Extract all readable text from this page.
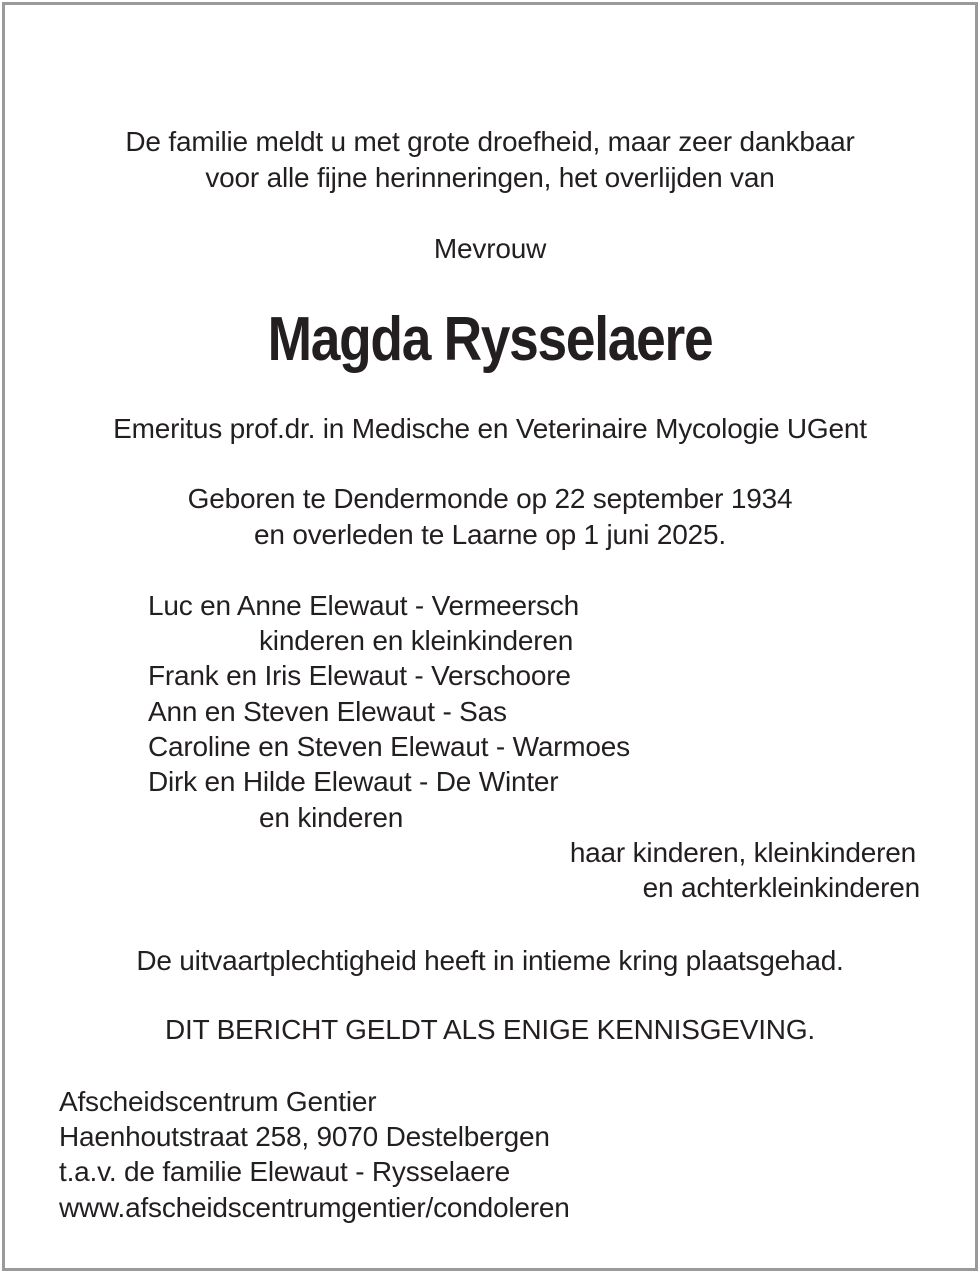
De familie meldt u met grote droefheid, maar zeer dankbaar
voor alle fijne herinneringen, het overlijden van
Mevrouw
Magda Rysselaere
Emeritus prof.dr. in Medische en Veterinaire Mycologie UGent
Geboren te Dendermonde op 22 september 1934
en overleden te Laarne op 1 juni 2025.
Luc en Anne Elewaut - Vermeersch
kinderen en kleinkinderen
Frank en Iris Elewaut - Verschoore
Ann en Steven Elewaut - Sas
Caroline en Steven Elewaut - Warmoes
Dirk en Hilde Elewaut - De Winter
en kinderen
haar kinderen, kleinkinderen
en achterkleinkinderen
De uitvaartplechtigheid heeft in intieme kring plaatsgehad.
DIT BERICHT GELDT ALS ENIGE KENNISGEVING.
Afscheidscentrum Gentier
Haenhoutstraat 258, 9070 Destelbergen
t.a.v. de familie Elewaut - Rysselaere
www.afscheidscentrumgentier/condoleren
